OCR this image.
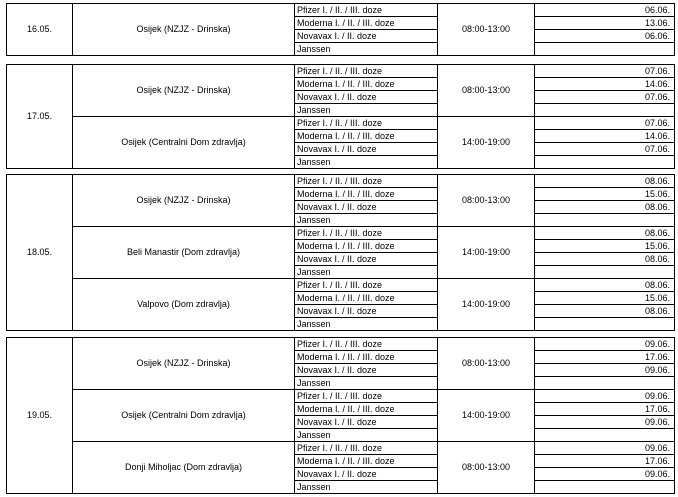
16.05.	Osijek (NZJZ - Drinska)	Pfizer I. / II. / III. doze	08:00-13:00	06.06.
		Moderna I. / II. / III. doze		13.06.
		Novavax I. / II. doze		06.06.
		Janssen		
17.05.	Osijek (NZJZ - Drinska)	Pfizer I. / II. / III. doze	08:00-13:00	07.06.
		Moderna I. / II. / III. doze		14.06.
		Novavax I. / II. doze		07.06.
		Janssen		
	Osijek (Centralni Dom zdravlja)	Pfizer I. / II. / III. doze	14:00-19:00	07.06.
		Moderna I. / II. / III. doze		14.06.
		Novavax I. / II. doze		07.06.
		Janssen		
18.05.	Osijek (NZJZ - Drinska)	Pfizer I. / II. / III. doze	08:00-13:00	08.06.
		Moderna I. / II. / III. doze		15.06.
		Novavax I. / II. doze		08.06.
		Janssen		
	Beli Manastir (Dom zdravlja)	Pfizer I. / II. / III. doze	14:00-19:00	08.06.
		Moderna I. / II. / III. doze		15.06.
		Novavax I. / II. doze		08.06.
		Janssen		
	Valpovo (Dom zdravlja)	Pfizer I. / II. / III. doze	14:00-19:00	08.06.
		Moderna I. / II. / III. doze		15.06.
		Novavax I. / II. doze		08.06.
		Janssen		
19.05.	Osijek (NZJZ - Drinska)	Pfizer I. / II. / III. doze	08:00-13:00	09.06.
		Moderna I. / II. / III. doze		17.06.
		Novavax I. / II. doze		09.06.
		Janssen		
	Osijek (Centralni Dom zdravlja)	Pfizer I. / II. / III. doze	14:00-19:00	09.06.
		Moderna I. / II. / III. doze		17.06.
		Novavax I. / II. doze		09.06.
		Janssen		
	Donji Miholjac (Dom zdravlja)	Pfizer I. / II. / III. doze	08:00-13:00	09.06.
		Moderna I. / II. / III. doze		17.06.
		Novavax I. / II. doze		09.06.
		Janssen		
